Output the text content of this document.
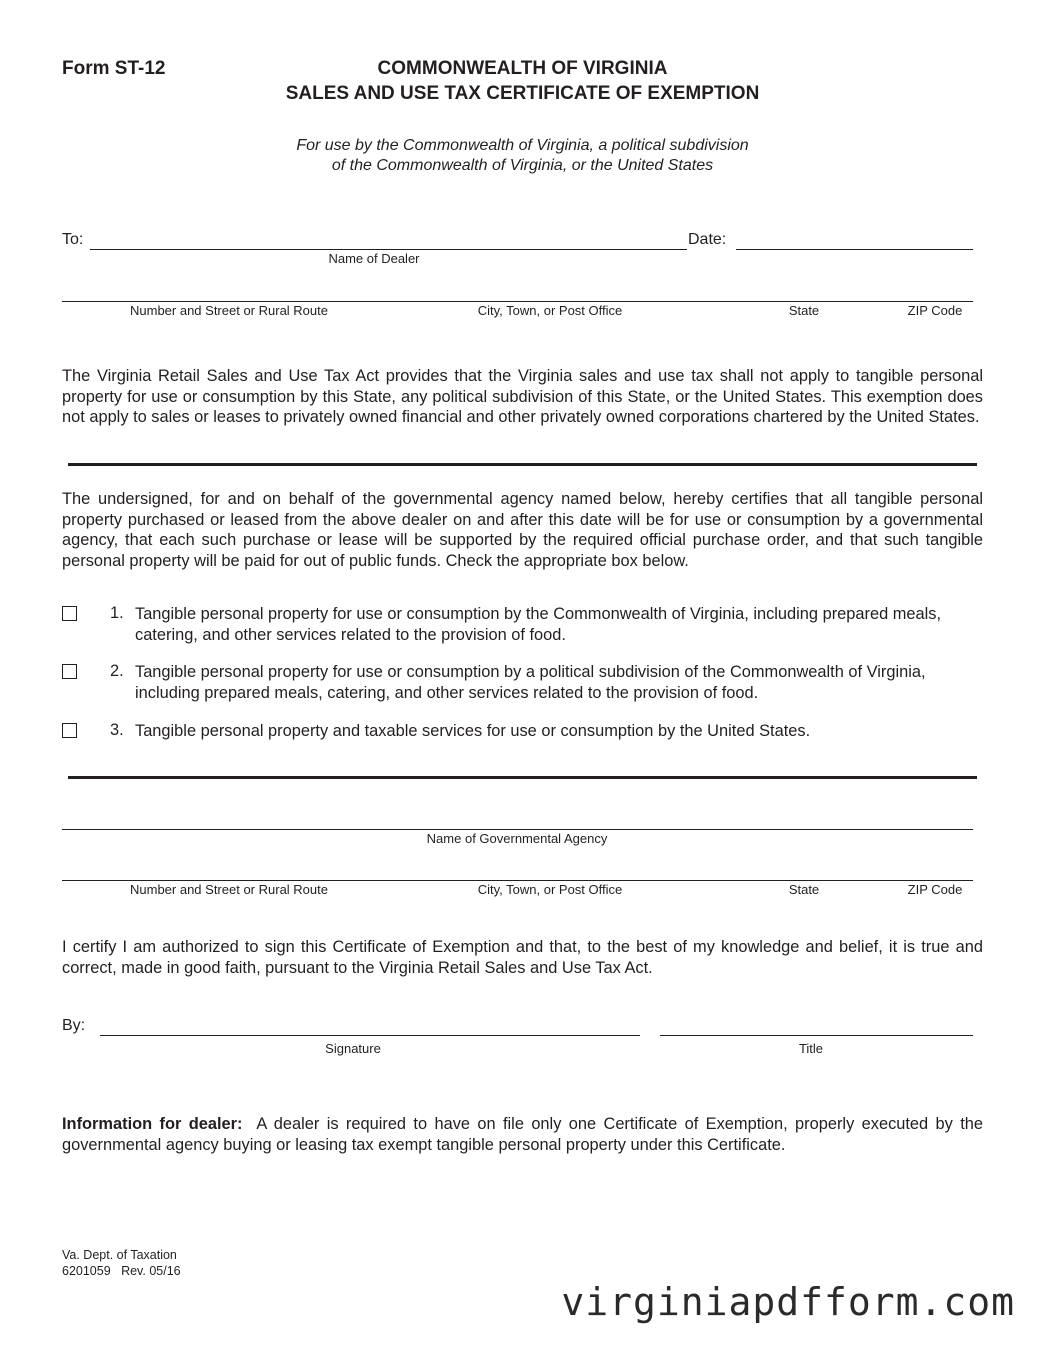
Form ST-12	COMMONWEALTH OF VIRGINIA
SALES AND USE TAX CERTIFICATE OF EXEMPTION
For use by the Commonwealth of Virginia, a political subdivision
of the Commonwealth of Virginia, or the United States
To:	Date:
Name of Dealer
Number and Street or Rural Route	City, Town, or Post Office	State	ZIP Code
The Virginia Retail Sales and Use Tax Act provides that the Virginia sales and use tax shall not apply to tangible personal property for use or consumption by this State, any political subdivision of this State, or the United States. This exemption does not apply to sales or leases to privately owned financial and other privately owned corporations chartered by the United States.
The undersigned, for and on behalf of the governmental agency named below, hereby certifies that all tangible personal property purchased or leased from the above dealer on and after this date will be for use or consumption by a governmental agency, that each such purchase or lease will be supported by the required official purchase order, and that such tangible personal property will be paid for out of public funds. Check the appropriate box below.
1. Tangible personal property for use or consumption by the Commonwealth of Virginia, including prepared meals,
catering, and other services related to the provision of food.
2. Tangible personal property for use or consumption by a political subdivision of the Commonwealth of Virginia,
including prepared meals, catering, and other services related to the provision of food.
3. Tangible personal property and taxable services for use or consumption by the United States.
Name of Governmental Agency
Number and Street or Rural Route	City, Town, or Post Office	State	ZIP Code
I certify I am authorized to sign this Certificate of Exemption and that, to the best of my knowledge and belief, it is true and correct, made in good faith, pursuant to the Virginia Retail Sales and Use Tax Act.
By:
Signature	Title
Information for dealer: A dealer is required to have on file only one Certificate of Exemption, properly executed by the governmental agency buying or leasing tax exempt tangible personal property under this Certificate.
Va. Dept. of Taxation
6201059   Rev. 05/16
virginiapdfform.com
